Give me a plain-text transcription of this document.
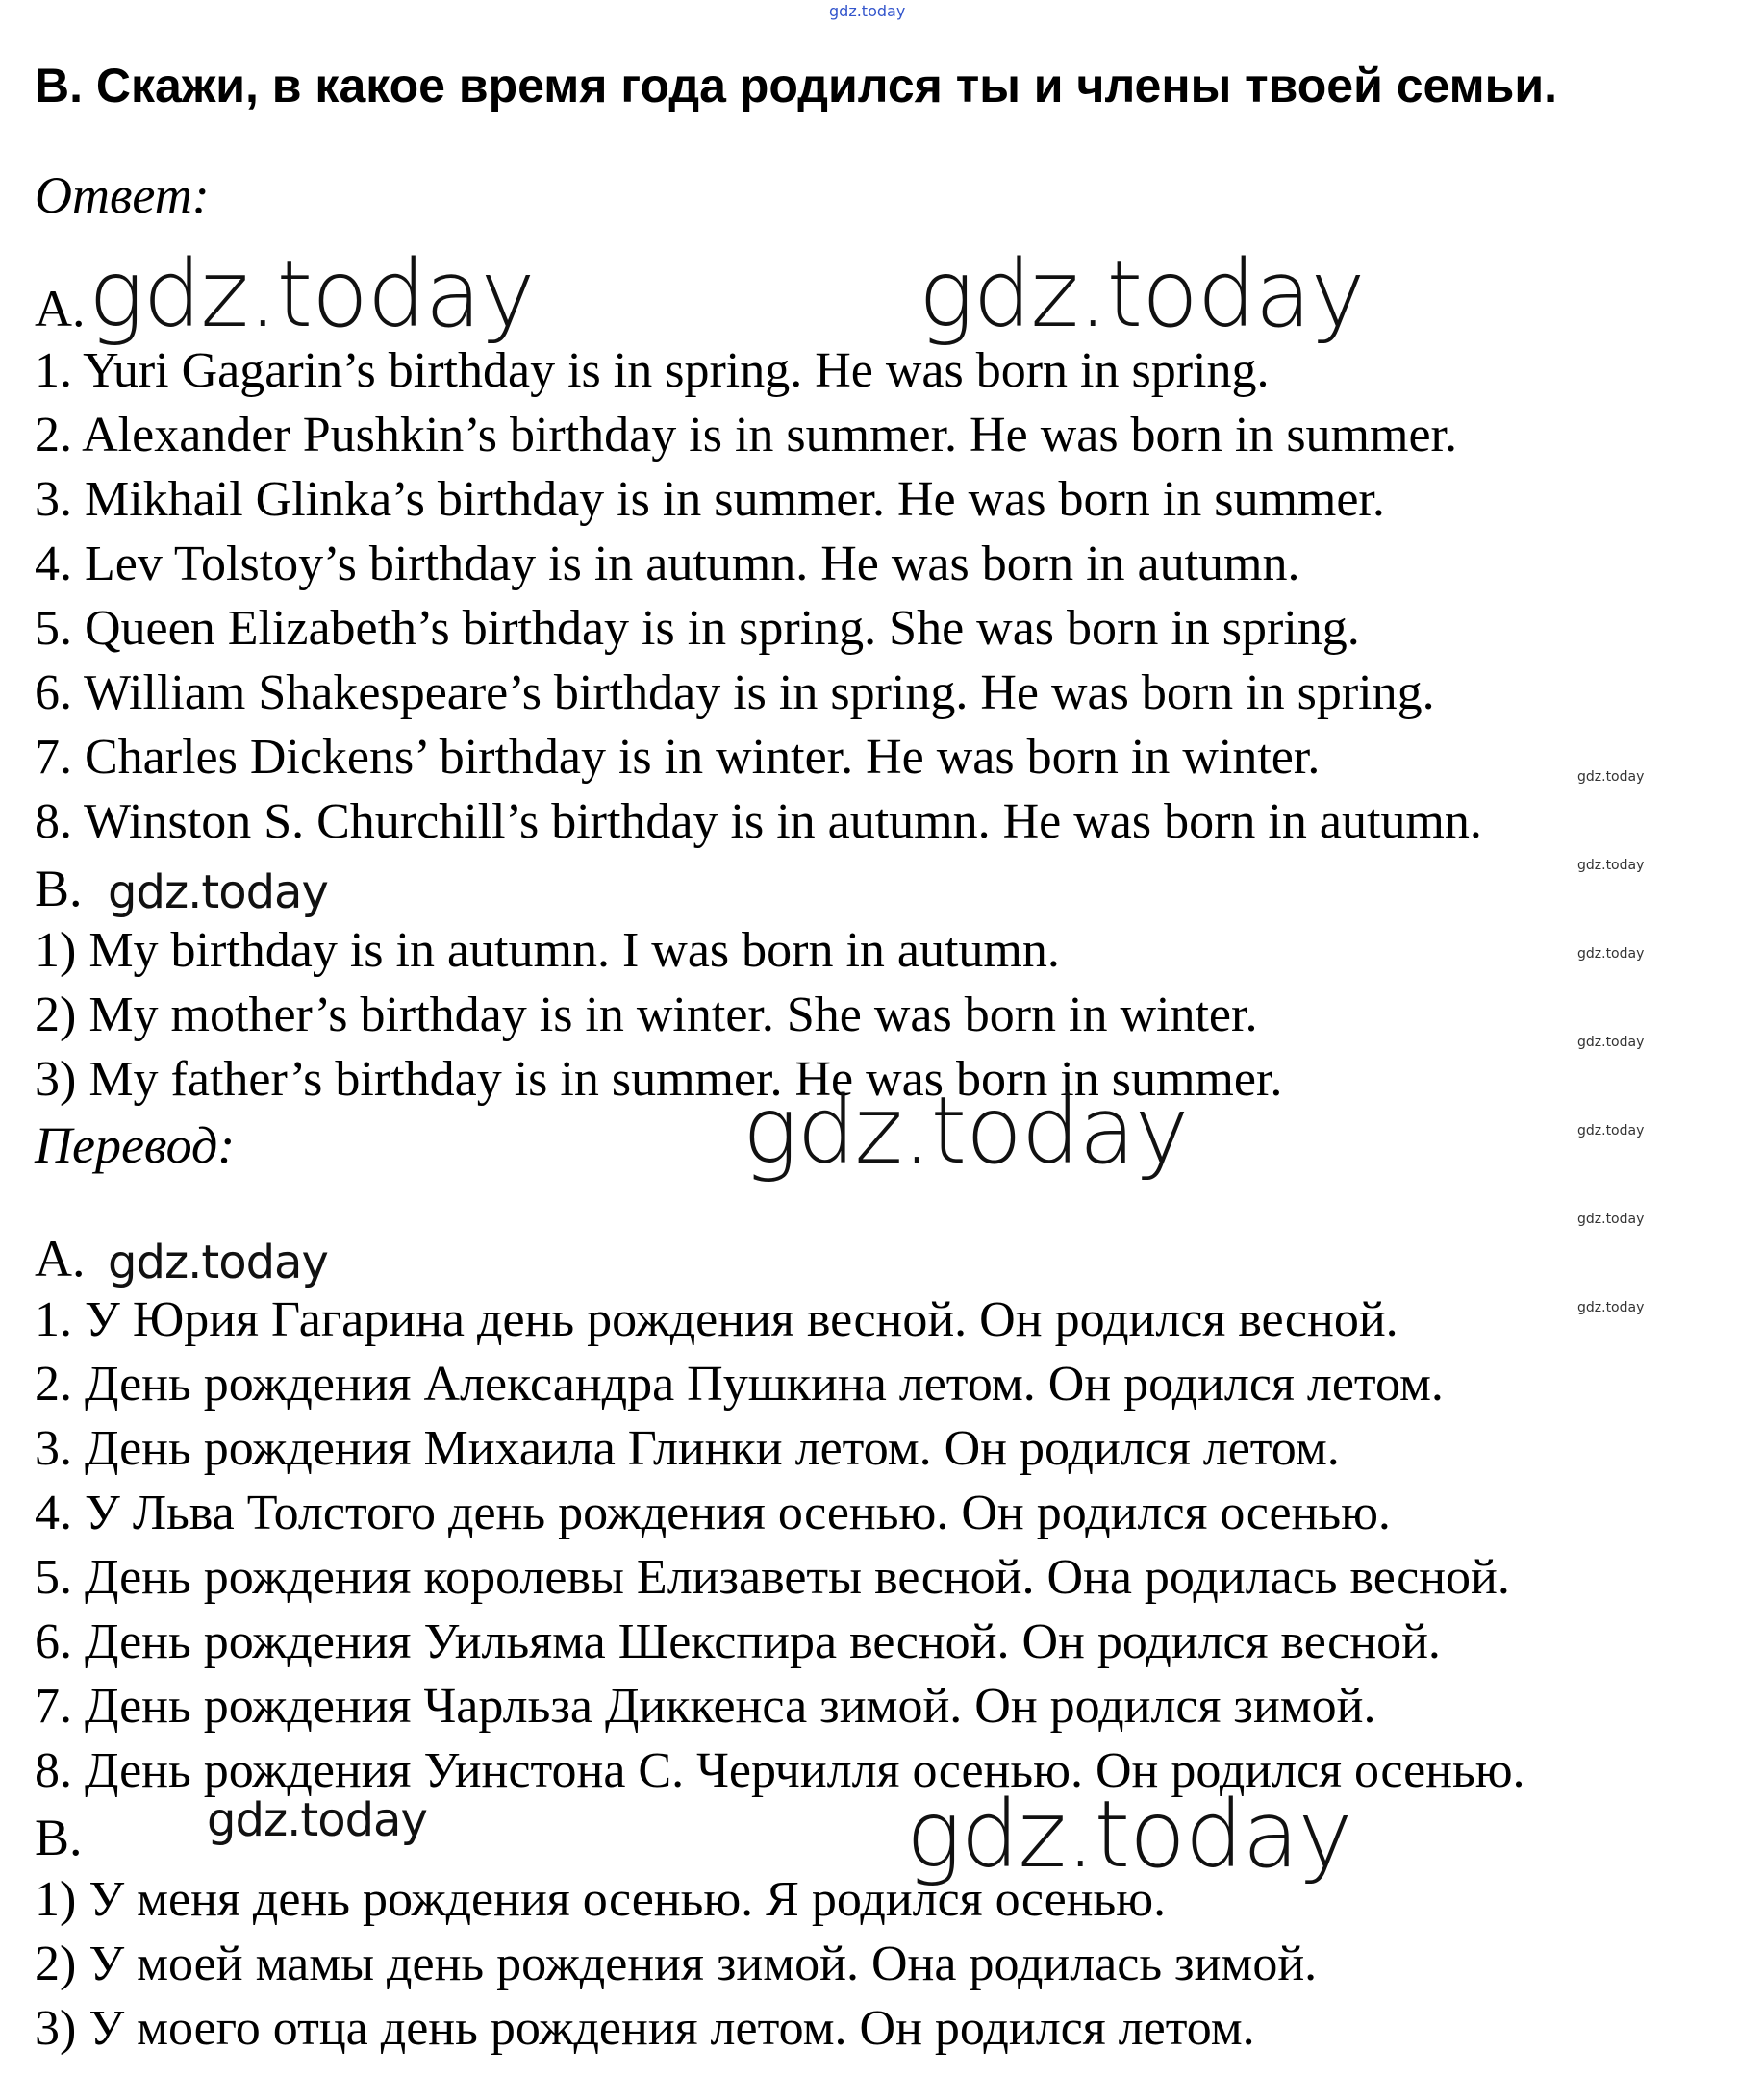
gdz.today
B. Скажи, в какое время года родился ты и члены твоей семьи.
Ответ:
A.
1. Yuri Gagarin’s birthday is in spring. He was born in spring.
2. Alexander Pushkin’s birthday is in summer. He was born in summer.
3. Mikhail Glinka’s birthday is in summer. He was born in summer.
4. Lev Tolstoy’s birthday is in autumn. He was born in autumn.
5. Queen Elizabeth’s birthday is in spring. She was born in spring.
6. William Shakespeare’s birthday is in spring. He was born in spring.
7. Charles Dickens’ birthday is in winter. He was born in winter.
8. Winston S. Churchill’s birthday is in autumn. He was born in autumn.
B.
1) My birthday is in autumn. I was born in autumn.
2) My mother’s birthday is in winter. She was born in winter.
3) My father’s birthday is in summer. He was born in summer.
Перевод:
A.
1. У Юрия Гагарина день рождения весной. Он родился весной.
2. День рождения Александра Пушкина летом. Он родился летом.
3. День рождения Михаила Глинки летом. Он родился летом.
4. У Льва Толстого день рождения осенью. Он родился осенью.
5. День рождения королевы Елизаветы весной. Она родилась весной.
6. День рождения Уильяма Шекспира весной. Он родился весной.
7. День рождения Чарльза Диккенса зимой. Он родился зимой.
8. День рождения Уинстона С. Черчилля осенью. Он родился осенью.
B.
1) У меня день рождения осенью. Я родился осенью.
2) У моей мамы день рождения зимой. Она родилась зимой.
3) У моего отца день рождения летом. Он родился летом.
gdz.today	gdz.today
gdz.today
gdz.today
gdz.today
gdz.today
gdz.today
gdz.today
gdz.today
gdz.today
gdz.today
gdz.today
gdz.today
gdz.today
